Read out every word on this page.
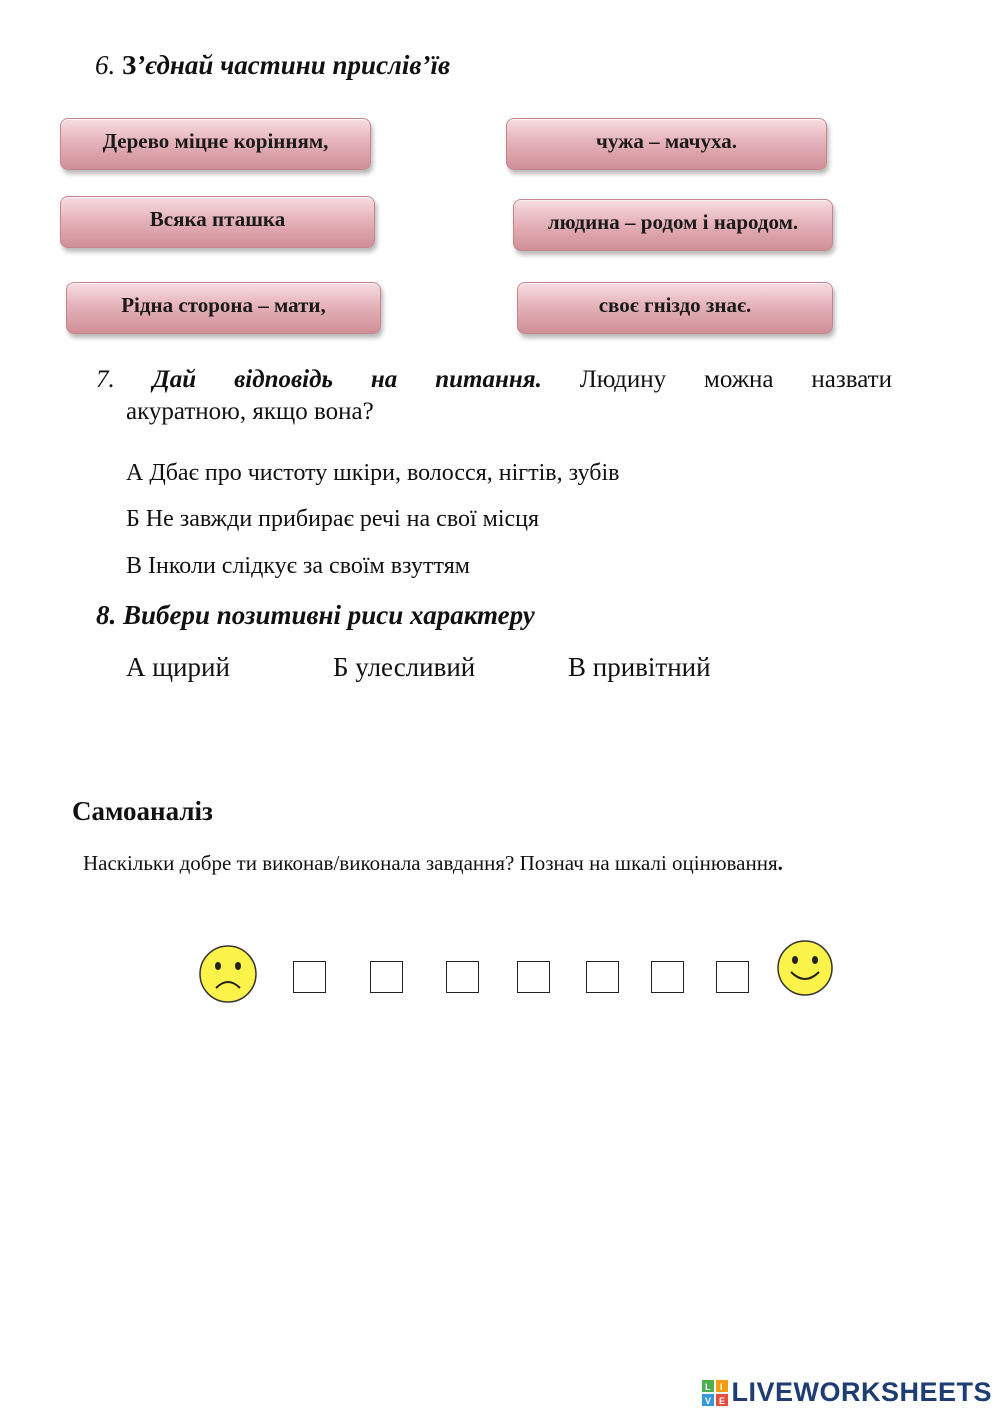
6. З’єднай частини прислів’їв
Дерево міцне корінням,
Всяка пташка
Рідна сторона – мати,
чужа – мачуха.
людина – родом і народом.
своє гніздо знає.
7. Дай відповідь на питання. Людину можна назвати
акуратною, якщо вона?
А Дбає про чистоту шкіри, волосся, нігтів, зубів
Б Не завжди прибирає речі на свої місця
В Інколи слідкує за своїм взуттям
8. Вибери позитивні риси характеру
А щирий	Б улесливий	В привітний
Самоаналіз
Наскільки добре ти виконав/виконала завдання? Познач на шкалі оцінювання.
L I
V E LIVEWORKSHEETS
